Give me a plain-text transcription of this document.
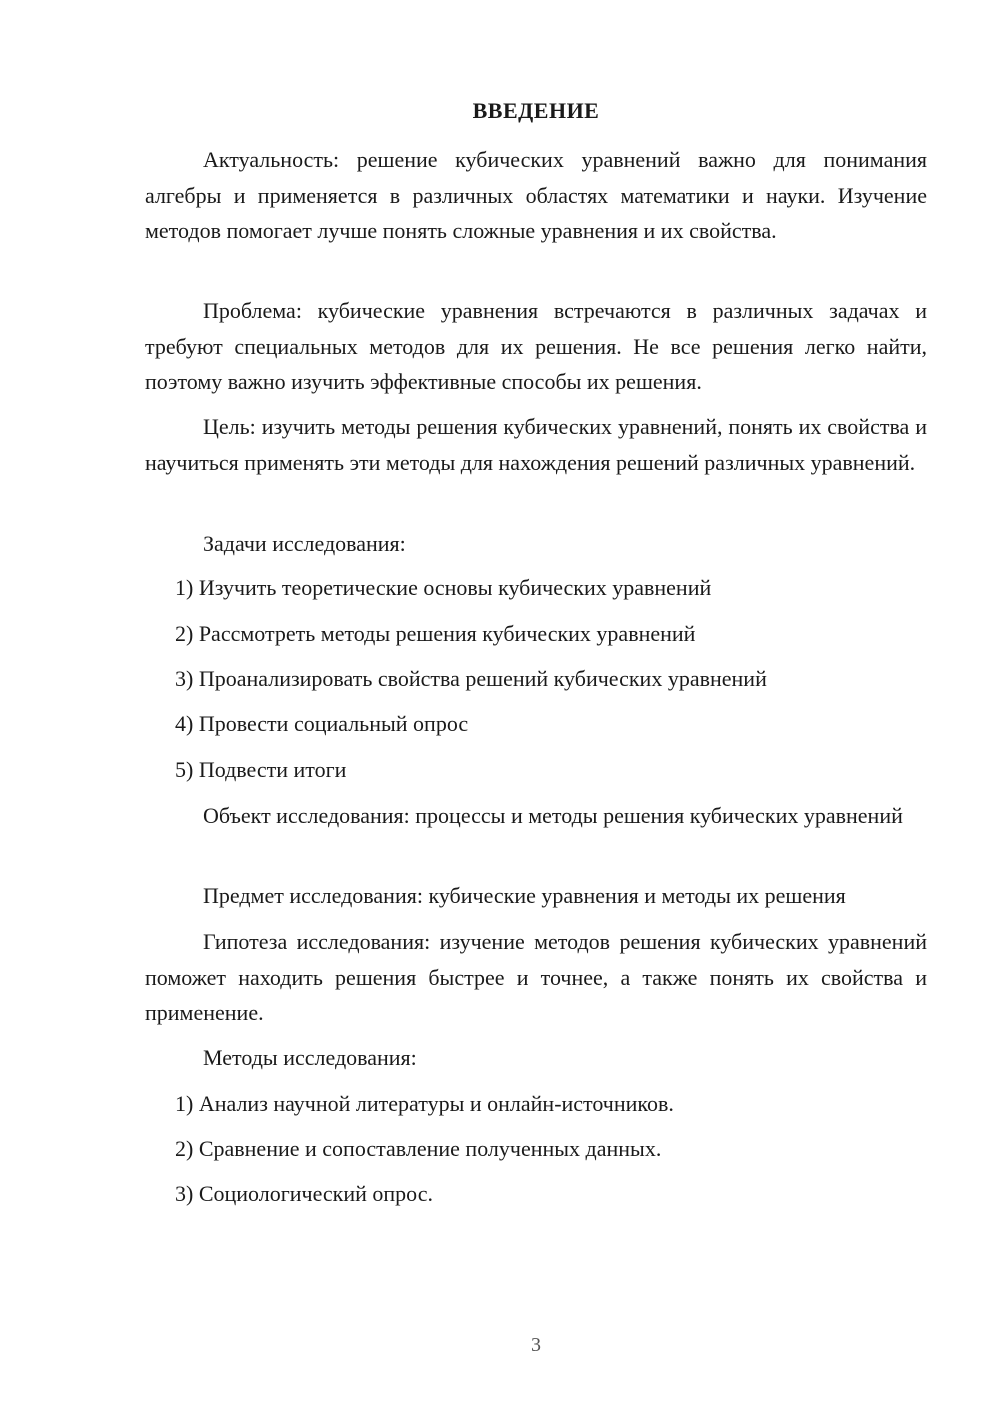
ВВЕДЕНИЕ
Актуальность: решение кубических уравнений важно для понимания алгебры и применяется в различных областях математики и науки. Изучение методов помогает лучше понять сложные уравнения и их свойства.
Проблема: кубические уравнения встречаются в различных задачах и требуют специальных методов для их решения. Не все решения легко найти, поэтому важно изучить эффективные способы их решения.
Цель: изучить методы решения кубических уравнений, понять их свойства и научиться применять эти методы для нахождения решений различных уравнений.
Задачи исследования:
1) Изучить теоретические основы кубических уравнений
2) Рассмотреть методы решения кубических уравнений
3) Проанализировать свойства решений кубических уравнений
4) Провести социальный опрос
5) Подвести итоги
Объект исследования: процессы и методы решения кубических уравнений
Предмет исследования: кубические уравнения и методы их решения
Гипотеза исследования: изучение методов решения кубических уравнений поможет находить решения быстрее и точнее, а также понять их свойства и применение.
Методы исследования:
1) Анализ научной литературы и онлайн-источников.
2) Сравнение и сопоставление полученных данных.
3) Социологический опрос.
3
